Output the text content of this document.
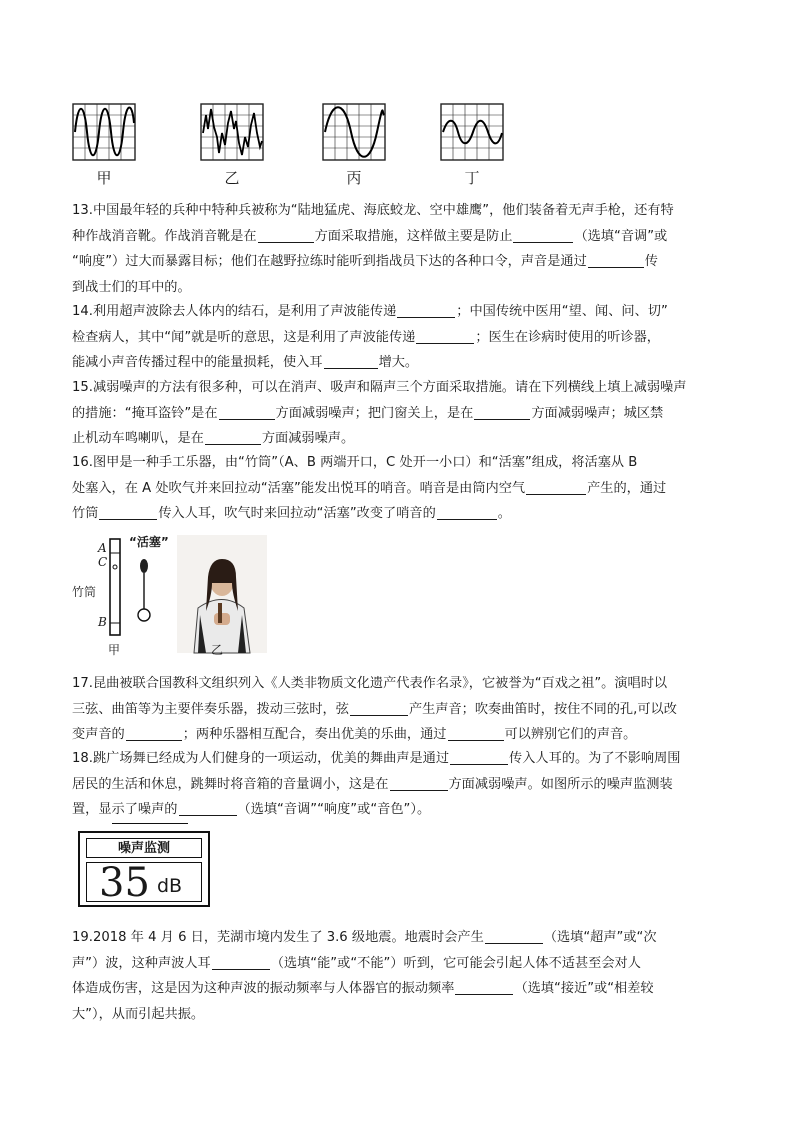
甲	乙	丙	丁
13.中国最年轻的兵种中特种兵被称为“陆地猛虎、海底蛟龙、空中雄鹰”，他们装备着无声手枪，还有特
种作战消音靴。作战消音靴是在	方面采取措施，这样做主要是防止	（选填“音调”或
“响度”）过大而暴露目标；他们在越野拉练时能听到指战员下达的各种口令，声音是通过	传
到战士们的耳中的。
14.利用超声波除去人体内的结石，是利用了声波能传递	；中国传统中医用“望、闻、问、切”
检查病人，其中“闻”就是听的意思，这是利用了声波能传递	；医生在诊病时使用的听诊器，
能减小声音传播过程中的能量损耗，使入耳	增大。
15.减弱噪声的方法有很多种，可以在消声、吸声和隔声三个方面采取措施。请在下列横线上填上减弱噪声
的措施：“掩耳盗铃”是在	方面减弱噪声；把门窗关上，是在	方面减弱噪声；城区禁
止机动车鸣喇叭，是在	方面减弱噪声。
16.图甲是一种手工乐器，由“竹筒”（A、B 两端开口，C 处开一小口）和“活塞”组成，将活塞从 B
处塞入，在 A 处吹气并来回拉动“活塞”能发出悦耳的哨音。哨音是由筒内空气	产生的，通过
竹筒	传入人耳，吹气时来回拉动“活塞”改变了哨音的	。
A
C
B
“活塞”
竹筒
甲	乙
17.昆曲被联合国教科文组织列入《人类非物质文化遗产代表作名录》，它被誉为“百戏之祖”。演唱时以
三弦、曲笛等为主要伴奏乐器，拨动三弦时，弦	产生声音；吹奏曲笛时，按住不同的孔,可以改
变声音的	；两种乐器相互配合，奏出优美的乐曲，通过	可以辨别它们的声音。
18.跳广场舞已经成为人们健身的一项运动，优美的舞曲声是通过	传入人耳的。为了不影响周围
居民的生活和休息，跳舞时将音箱的音量调小，这是在	方面减弱噪声。如图所示的噪声监测装
置，显示了噪声的	（选填“音调”“响度”或“音色”）。
噪声监测
35 dB
19.2018 年 4 月 6 日，芜湖市境内发生了 3.6 级地震。地震时会产生	（选填“超声”或“次
声”）波，这种声波人耳	（选填“能”或“不能”）听到，它可能会引起人体不适甚至会对人
体造成伤害，这是因为这种声波的振动频率与人体器官的振动频率	（选填“接近”或“相差较
大”），从而引起共振。
